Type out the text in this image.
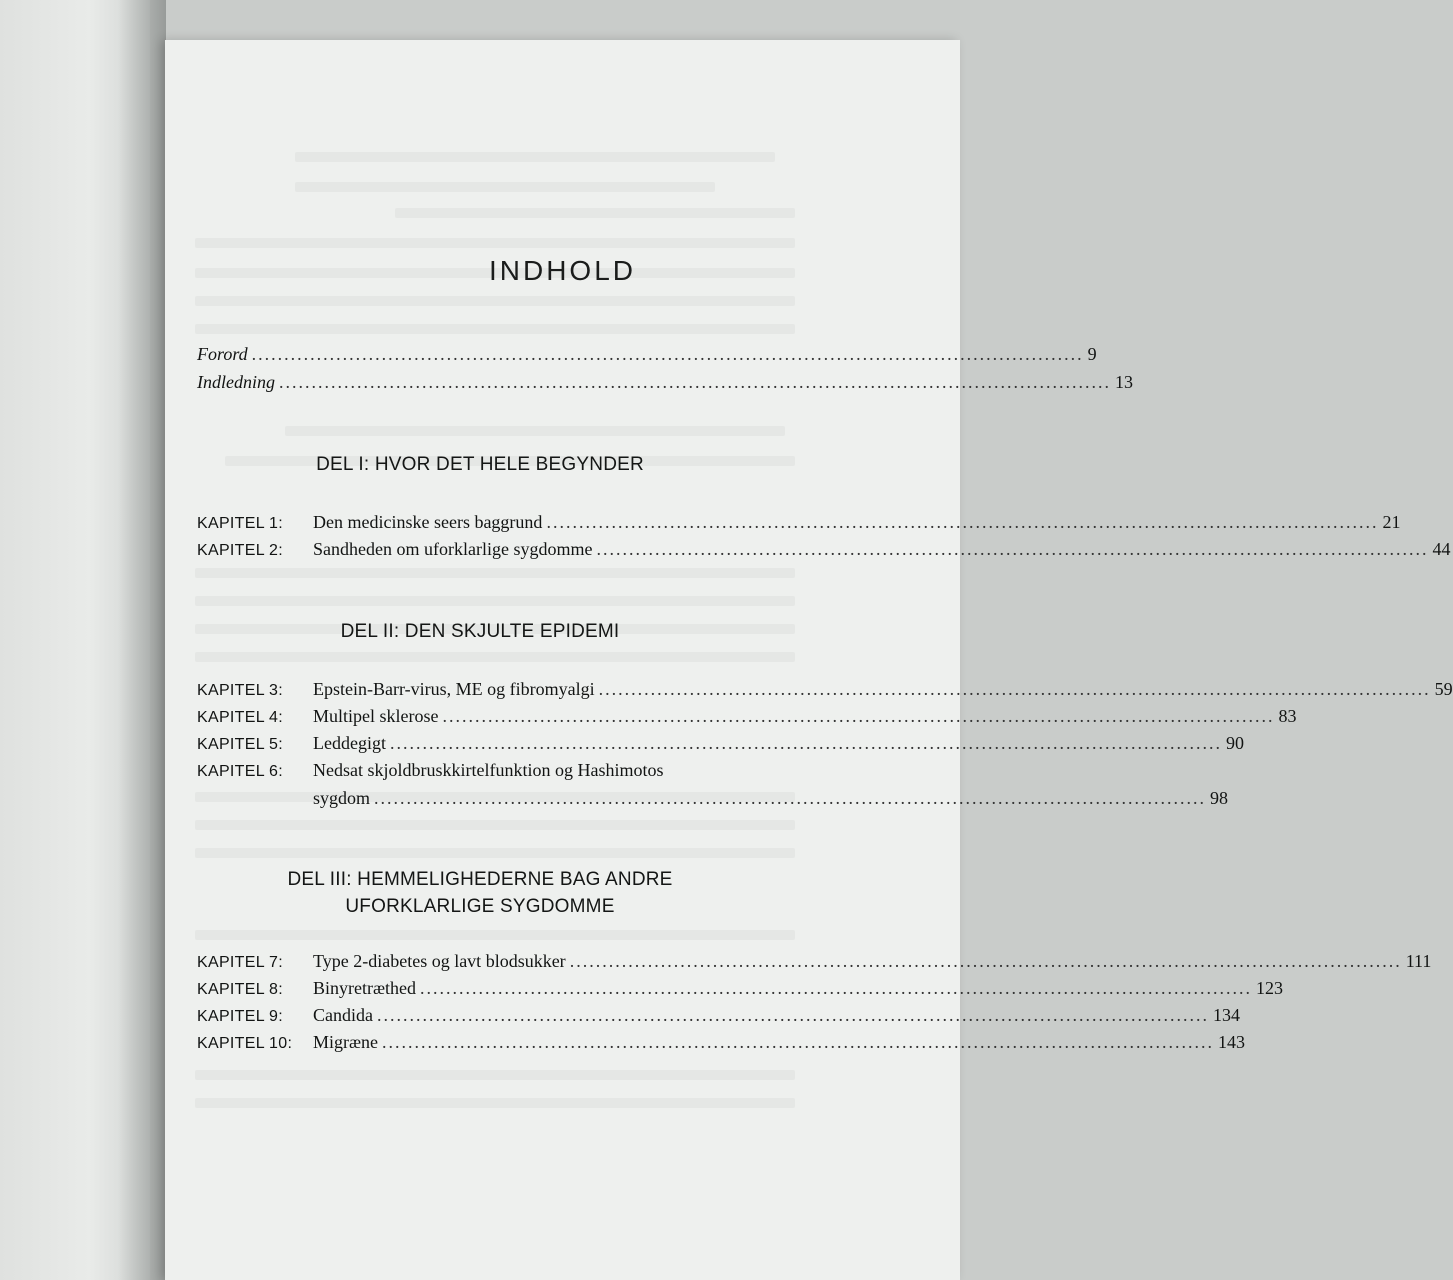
INDHOLD
Forord ................................................................................................................................ 9
Indledning ................................................................................................................................ 13
DEL I: HVOR DET HELE BEGYNDER
KAPITEL 1:	Den medicinske seers baggrund ................................................................................................................................ 21
KAPITEL 2:	Sandheden om uforklarlige sygdomme ................................................................................................................................ 44
DEL II: DEN SKJULTE EPIDEMI
KAPITEL 3:	Epstein-Barr-virus, ME og fibromyalgi ................................................................................................................................ 59
KAPITEL 4:	Multipel sklerose ................................................................................................................................ 83
KAPITEL 5:	Leddegigt ................................................................................................................................ 90
KAPITEL 6:	Nedsat skjoldbruskkirtelfunktion og Hashimotos
sygdom ................................................................................................................................ 98
DEL III: HEMMELIGHEDERNE BAG ANDRE
UFORKLARLIGE SYGDOMME
KAPITEL 7:	Type 2-diabetes og lavt blodsukker ................................................................................................................................ 111
KAPITEL 8:	Binyretræthed ................................................................................................................................ 123
KAPITEL 9:	Candida ................................................................................................................................ 134
KAPITEL 10:	Migræne ................................................................................................................................ 143
